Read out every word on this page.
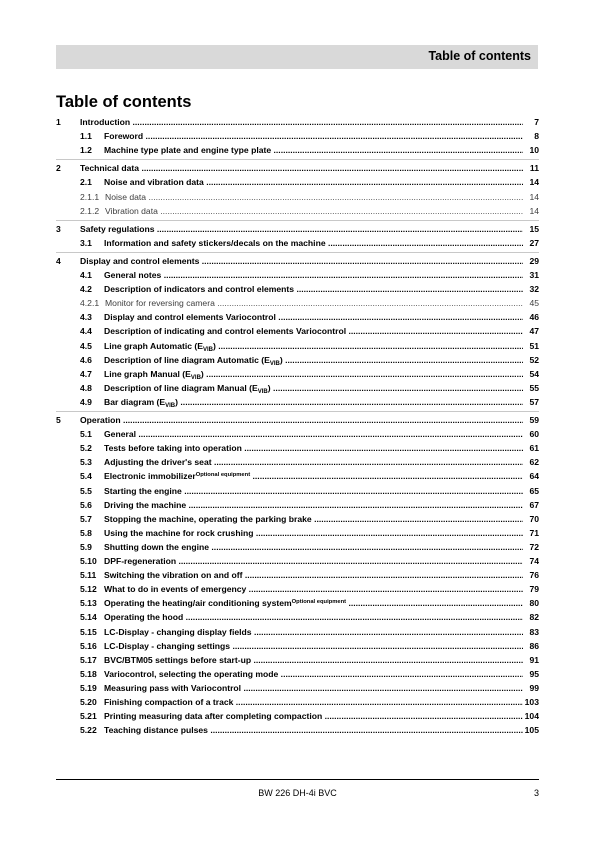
Table of contents
Table of contents
1 Introduction .....	7
1.1 Foreword .....	8
1.2 Machine type plate and engine type plate .....	10
2 Technical data .....	11
2.1 Noise and vibration data .....	14
2.1.1 Noise data .....	14
2.1.2 Vibration data .....	14
3 Safety regulations .....	15
3.1 Information and safety stickers/decals on the machine .....	27
4 Display and control elements .....	29
4.1 General notes .....	31
4.2 Description of indicators and control elements .....	32
4.2.1 Monitor for reversing camera .....	45
4.3 Display and control elements Variocontrol .....	46
4.4 Description of indicating and control elements Variocontrol .....	47
4.5 Line graph Automatic $(E_{VIB})$ .....	51
4.6 Description of line diagram Automatic $(E_{VIB})$ .....	52
4.7 Line graph Manual $(E_{VIB})$ .....	54
4.8 Description of line diagram Manual $(E_{VIB})$ .....	55
4.9 Bar diagram $(E_{VIB})$ .....	57
5 Operation .....	59
5.1 General .....	60
5.2 Tests before taking into operation .....	61
5.3 Adjusting the driver's seat .....	62
5.4 Electronic immobilizer$^{Optional equipment}$ .....	64
5.5 Starting the engine .....	65
5.6 Driving the machine .....	67
5.7 Stopping the machine, operating the parking brake .....	70
5.8 Using the machine for rock crushing .....	71
5.9 Shutting down the engine .....	72
5.10 DPF-regeneration .....	74
5.11 Switching the vibration on and off .....	76
5.12 What to do in events of emergency .....	79
5.13 Operating the heating/air conditioning system$^{Optional equipment}$ .....	80
5.14 Operating the hood .....	82
5.15 LC-Display - changing display fields .....	83
5.16 LC-Display - changing settings .....	86
5.17 BVC/BTM05 settings before start-up .....	91
5.18 Variocontrol, selecting the operating mode .....	95
5.19 Measuring pass with Variocontrol .....	99
5.20 Finishing compaction of a track .....	103
5.21 Printing measuring data after completing compaction .....	104
5.22 Teaching distance pulses .....	105
BW 226 DH-4i BVC	3
